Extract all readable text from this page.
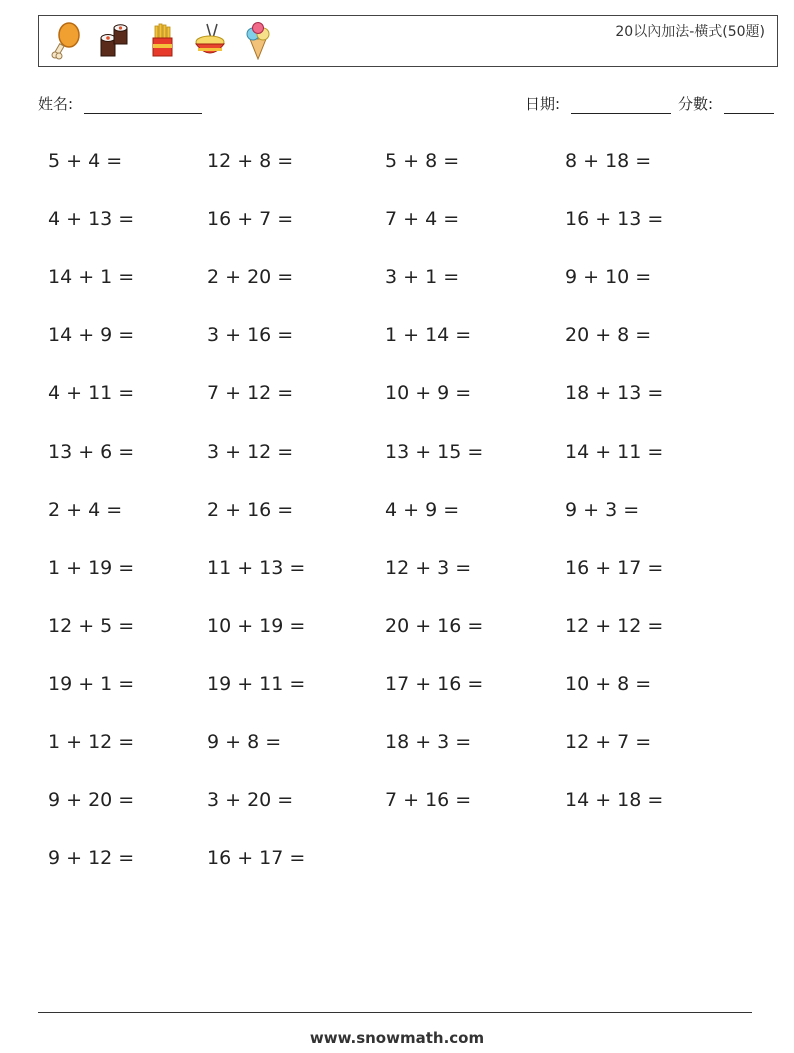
20以內加法-橫式(50題)
姓名:	日期:	分數:
5 + 4 =	12 + 8 =	5 + 8 =	8 + 18 =
4 + 13 =	16 + 7 =	7 + 4 =	16 + 13 =
14 + 1 =	2 + 20 =	3 + 1 =	9 + 10 =
14 + 9 =	3 + 16 =	1 + 14 =	20 + 8 =
4 + 11 =	7 + 12 =	10 + 9 =	18 + 13 =
13 + 6 =	3 + 12 =	13 + 15 =	14 + 11 =
2 + 4 =	2 + 16 =	4 + 9 =	9 + 3 =
1 + 19 =	11 + 13 =	12 + 3 =	16 + 17 =
12 + 5 =	10 + 19 =	20 + 16 =	12 + 12 =
19 + 1 =	19 + 11 =	17 + 16 =	10 + 8 =
1 + 12 =	9 + 8 =	18 + 3 =	12 + 7 =
9 + 20 =	3 + 20 =	7 + 16 =	14 + 18 =
9 + 12 =	16 + 17 =
www.snowmath.com
